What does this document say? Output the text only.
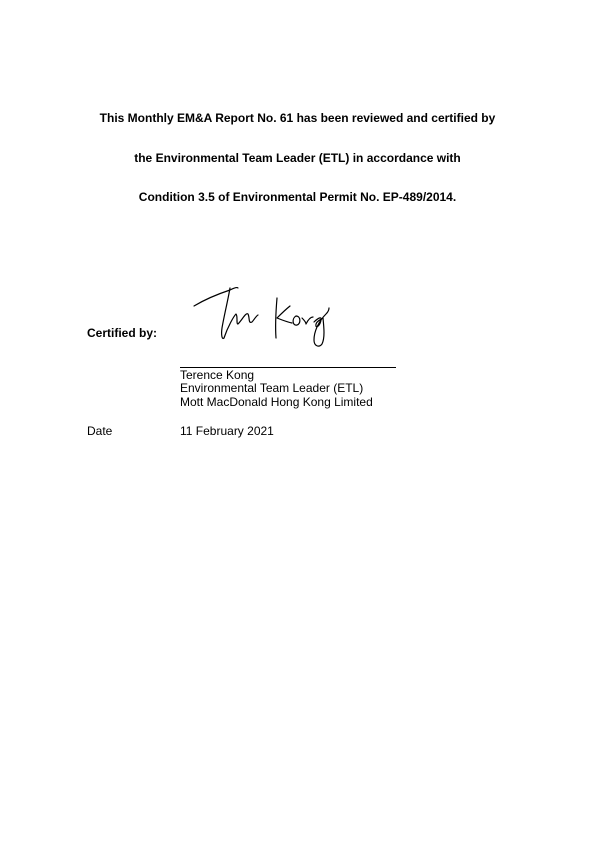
This Monthly EM&A Report No. 61 has been reviewed and certified by
the Environmental Team Leader (ETL) in accordance with
Condition 3.5 of Environmental Permit No. EP-489/2014.
Certified by:
Terence Kong
Environmental Team Leader (ETL)
Mott MacDonald Hong Kong Limited
Date	11 February 2021
